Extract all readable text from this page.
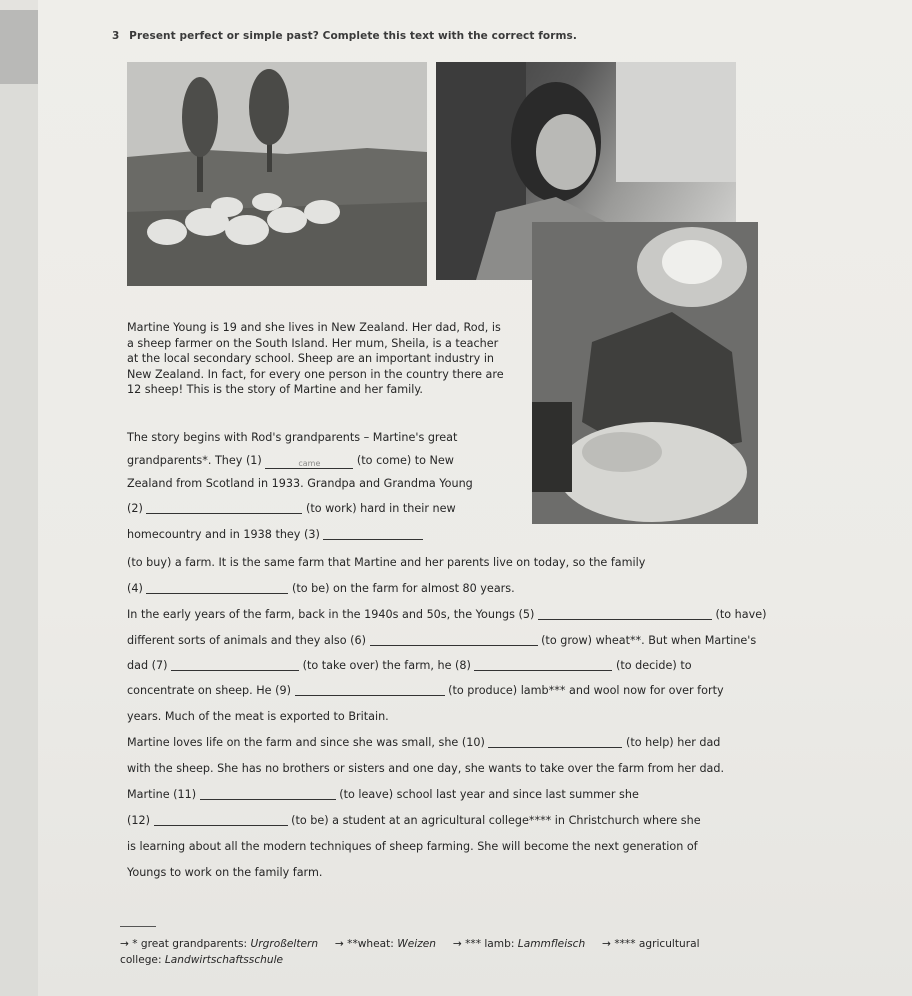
3 Present perfect or simple past? Complete this text with the correct forms.
Martine Young is 19 and she lives in New Zealand. Her dad, Rod, is
a sheep farmer on the South Island. Her mum, Sheila, is a teacher
at the local secondary school. Sheep are an important industry in
New Zealand. In fact, for every one person in the country there are
12 sheep! This is the story of Martine and her family.
The story begins with Rod's grandparents – Martine's great
grandparents*. They (1)	came	(to come) to New
Zealand from Scotland in 1933. Grandpa and Grandma Young
(2)	(to work) hard in their new
homecountry and in 1938 they (3)
(to buy) a farm. It is the same farm that Martine and her parents live on today, so the family
(4)	(to be) on the farm for almost 80 years.
In the early years of the farm, back in the 1940s and 50s, the Youngs (5)	(to have)
different sorts of animals and they also (6)	(to grow) wheat**. But when Martine's
dad (7)	(to take over) the farm, he (8)	(to decide) to
concentrate on sheep. He (9)	(to produce) lamb*** and wool now for over forty
years. Much of the meat is exported to Britain.
Martine loves life on the farm and since she was small, she (10)	(to help) her dad
with the sheep. She has no brothers or sisters and one day, she wants to take over the farm from her dad.
Martine (11)	(to leave) school last year and since last summer she
(12)	(to be) a student at an agricultural college**** in Christchurch where she
is learning about all the modern techniques of sheep farming. She will become the next generation of
Youngs to work on the family farm.
→ * great grandparents: Urgroßeltern → **wheat: Weizen → *** lamb: Lammfleisch → **** agricultural
college: Landwirtschaftsschule
